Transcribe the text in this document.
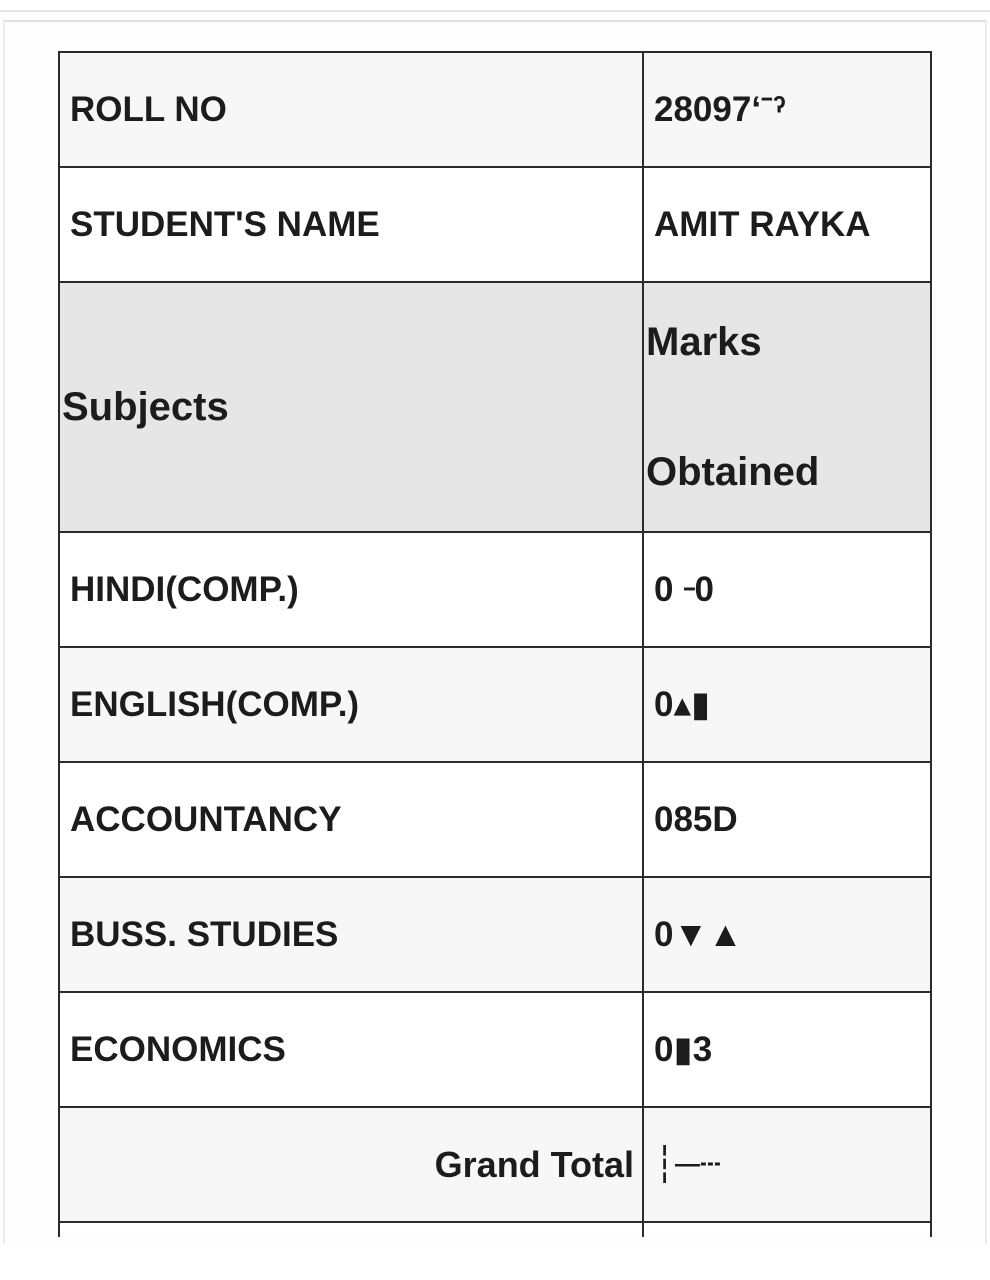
ROLL NO	28097ʻˉˀ
STUDENT'S NAME	AMIT RAYKA
Subjects	Marks
Obtained

HINDI(COMP.)	0╶0
ENGLISH(COMP.)	0▴▮
ACCOUNTANCY	085D
BUSS. STUDIES	0▼▲
ECONOMICS	0▮3
Grand Total	┆─┄
